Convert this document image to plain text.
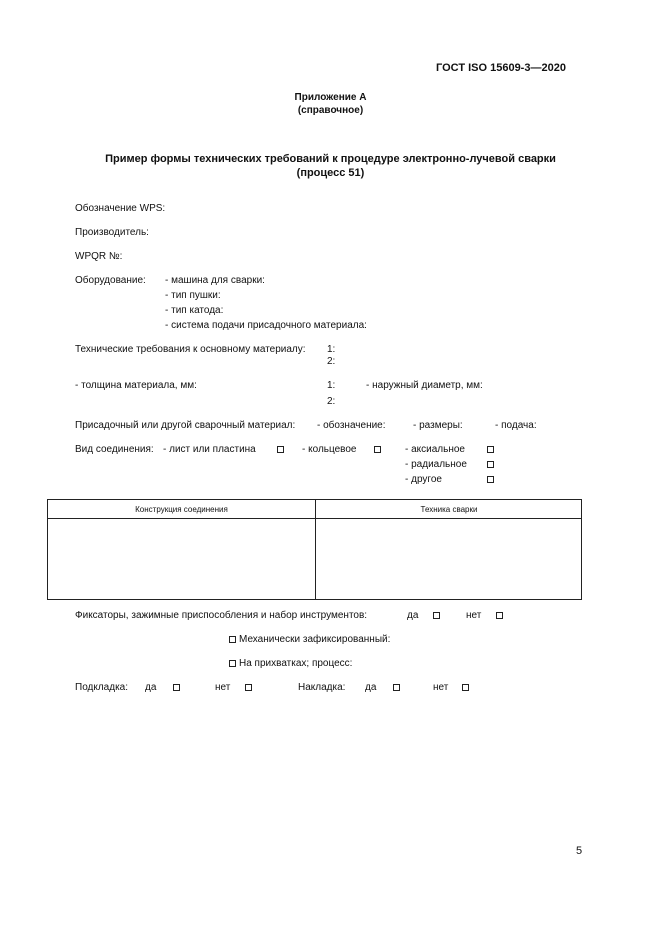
ГОСТ ISO 15609-3—2020
Приложение А
(справочное)
Пример формы технических требований к процедуре электронно-лучевой сварки
(процесс 51)
Обозначение WPS:
Производитель:
WPQR №:
Оборудование: - машина для сварки:
- тип пушки:
- тип катода:
- система подачи присадочного материала:
Технические требования к основному материалу: 1:
2:
- толщина материала, мм:	1:	- наружный диаметр, мм:
2:
Присадочный или другой сварочный материал: - обозначение:	- размеры:	- подача:
Вид соединения: - лист или пластина	- кольцевое	- аксиальное
- радиальное
- другое
Конструкция соединения	Техника сварки
Фиксаторы, зажимные приспособления и набор инструментов:	да	нет
Механически зафиксированный:
На прихватках; процесс:
Подкладка: да	нет	Накладка: да	нет
5
